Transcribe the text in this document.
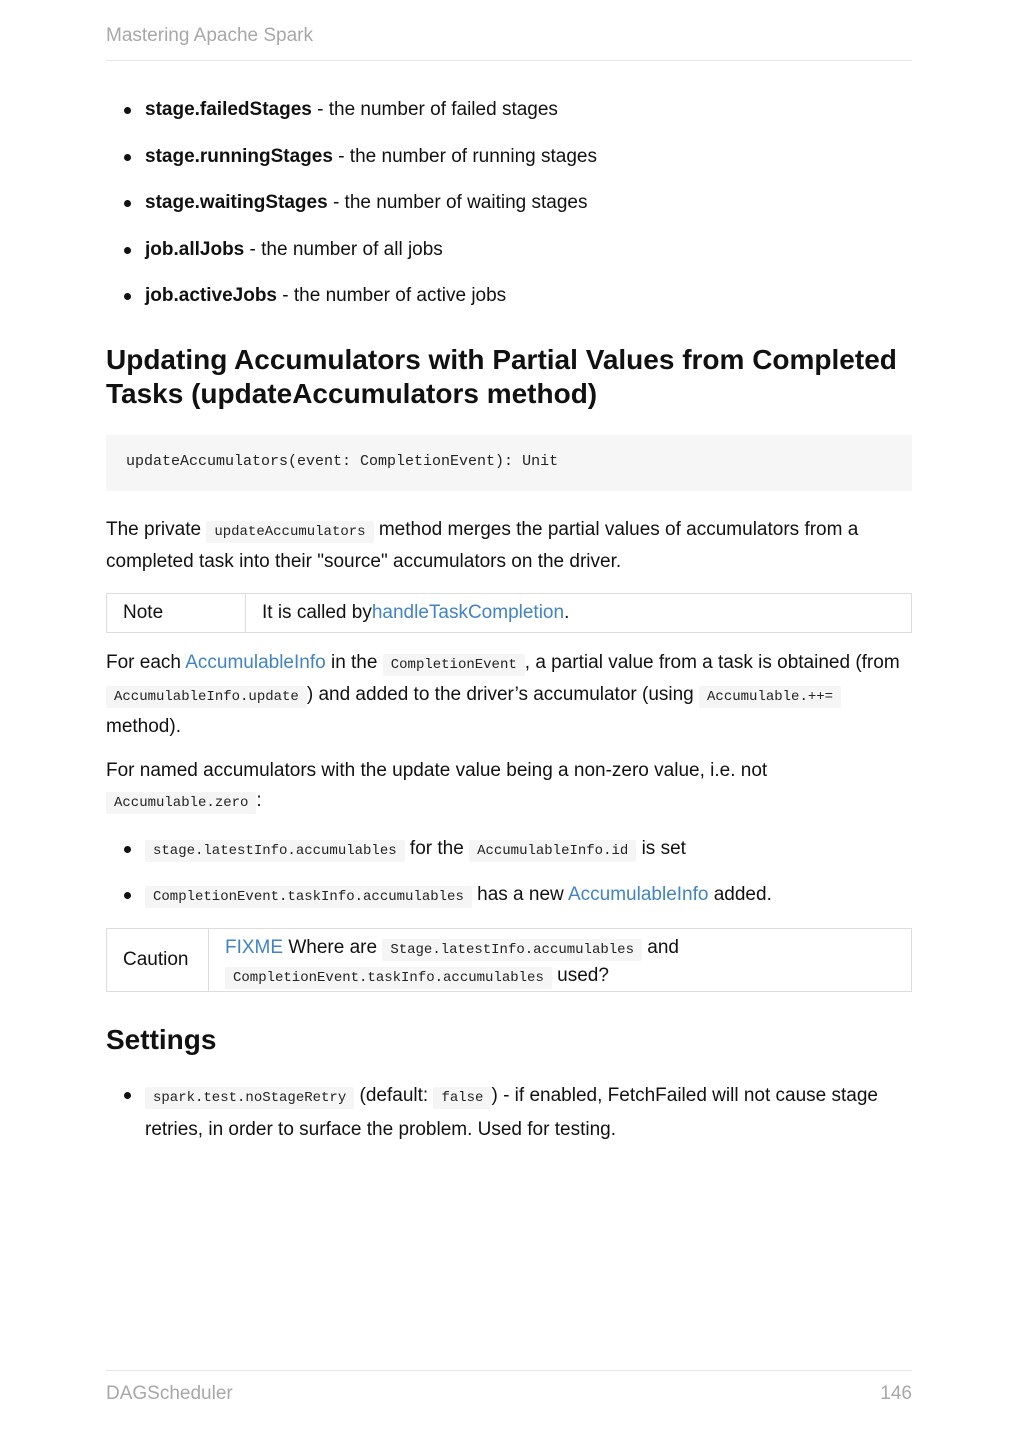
Mastering Apache Spark
stage.failedStages - the number of failed stages
stage.runningStages - the number of running stages
stage.waitingStages - the number of waiting stages
job.allJobs - the number of all jobs
job.activeJobs - the number of active jobs
Updating Accumulators with Partial Values from Completed Tasks (updateAccumulators method)
updateAccumulators(event: CompletionEvent): Unit

The private updateAccumulators method merges the partial values of accumulators from a completed task into their "source" accumulators on the driver.

Note	It is called by handleTaskCompletion .

For each AccumulableInfo in the CompletionEvent , a partial value from a task is obtained (from AccumulableInfo.update ) and added to the driver’s accumulator (using Accumulable.++= method).

For named accumulators with the update value being a non-zero value, i.e. not Accumulable.zero :

stage.latestInfo.accumulables for the AccumulableInfo.id is set
CompletionEvent.taskInfo.accumulables has a new AccumulableInfo added.
Caution
FIXME Where are Stage.latestInfo.accumulables and
CompletionEvent.taskInfo.accumulables used?
Settings
spark.test.noStageRetry (default: false ) - if enabled, FetchFailed will not cause stage retries, in order to surface the problem. Used for testing.
DAGScheduler	146
